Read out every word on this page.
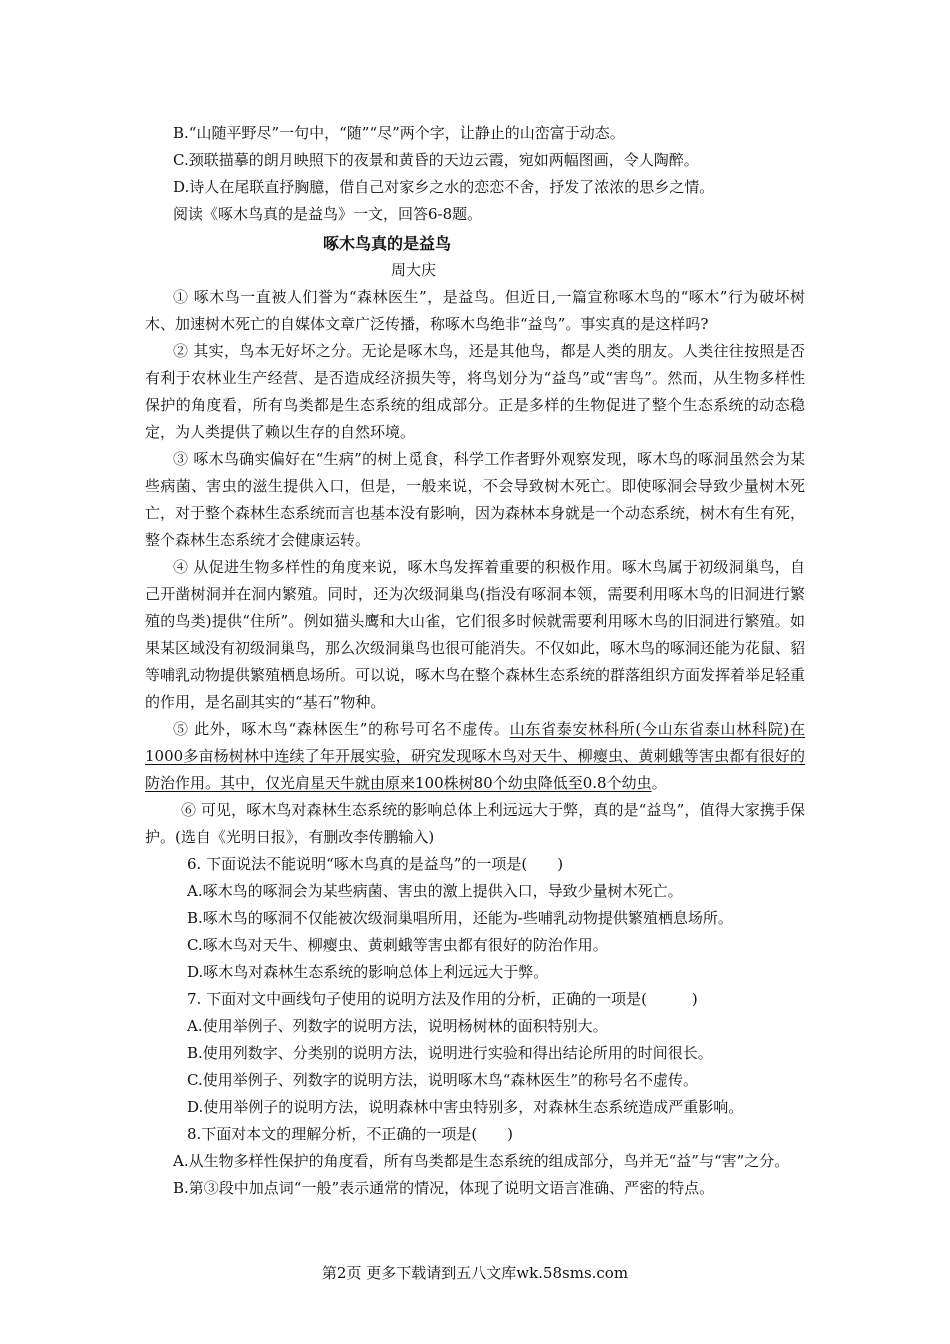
B.“山随平野尽”一句中，“随”“尽”两个字，让静止的山峦富于动态。
C.颈联描摹的朗月映照下的夜景和黄昏的天边云霞，宛如两幅图画，令人陶醉。
D.诗人在尾联直抒胸臆，借自己对家乡之水的恋恋不舍，抒发了浓浓的思乡之情。
阅读《啄木鸟真的是益鸟》一文，回答6-8题。
啄木鸟真的是益鸟
周大庆

① 啄木鸟一直被人们誉为“森林医生”，是益鸟。但近日,一篇宣称啄木鸟的“啄木”行为破坏树木、加速树木死亡的自媒体文章广泛传播，称啄木鸟绝非“益鸟”。事实真的是这样吗?

② 其实，鸟本无好坏之分。无论是啄木鸟，还是其他鸟，都是人类的朋友。人类往往按照是否有利于农林业生产经营、是否造成经济损失等，将鸟划分为“益鸟”或“害鸟”。然而，从生物多样性保护的角度看，所有鸟类都是生态系统的组成部分。正是多样的生物促进了整个生态系统的动态稳定，为人类提供了赖以生存的自然环境。

③ 啄木鸟确实偏好在“生病”的树上觅食，科学工作者野外观察发现，啄木鸟的啄洞虽然会为某些病菌、害虫的滋生提供入口，但是，一般来说，不会导致树木死亡。即使啄洞会导致少量树木死亡，对于整个森林生态系统而言也基本没有影响，因为森林本身就是一个动态系统，树木有生有死，整个森林生态系统才会健康运转。

④ 从促进生物多样性的角度来说，啄木鸟发挥着重要的积极作用。啄木鸟属于初级洞巢鸟，自己开凿树洞并在洞内繁殖。同时，还为次级洞巢鸟(指没有啄洞本领，需要利用啄木鸟的旧洞进行繁殖的鸟类)提供“住所”。例如猫头鹰和大山雀，它们很多时候就需要利用啄木鸟的旧洞进行繁殖。如果某区域没有初级洞巢鸟，那么次级洞巢鸟也很可能消失。不仅如此，啄木鸟的啄洞还能为花鼠、貂等哺乳动物提供繁殖栖息场所。可以说，啄木鸟在整个森林生态系统的群落组织方面发挥着举足轻重的作用，是名副其实的“基石”物种。

⑤ 此外，啄木鸟“森林医生”的称号可名不虚传。山东省泰安林科所(今山东省泰山林科院)在1000多亩杨树林中连续了年开展实验，研究发现啄木鸟对天牛、柳瘿虫、黄刺蛾等害虫都有很好的防治作用。其中，仅光肩星天牛就由原来100株树80个幼虫降低至0.8个幼虫。

⑥ 可见，啄木鸟对森林生态系统的影响总体上利远远大于弊，真的是“益鸟”，值得大家携手保护。(选自《光明日报》，有删改李传鹏输入)

6. 下面说法不能说明“啄木鸟真的是益鸟”的一项是(　　)
A.啄木鸟的啄洞会为某些病菌、害虫的激上提供入口，导致少量树木死亡。
B.啄木鸟的啄洞不仅能被次级洞巢唱所用，还能为-些哺乳动物提供繁殖栖息场所。
C.啄木鸟对天牛、柳瘿虫、黄刺蛾等害虫都有很好的防治作用。
D.啄木鸟对森林生态系统的影响总体上利远远大于弊。
7. 下面对文中画线句子使用的说明方法及作用的分析，正确的一项是(　　　)
A.使用举例子、列数字的说明方法，说明杨树林的面积特别大。
B.使用列数字、分类别的说明方法，说明进行实验和得出结论所用的时间很长。
C.使用举例子、列数字的说明方法，说明啄木鸟“森林医生”的称号名不虚传。
D.使用举例子的说明方法，说明森林中害虫特别多，对森林生态系统造成严重影响。
8.下面对本文的理解分析，不正确的一项是(　　)

A.从生物多样性保护的角度看，所有鸟类都是生态系统的组成部分，鸟并无“益”与“害”之分。

B.第③段中加点词“一般”表示通常的情况，体现了说明文语言准确、严密的特点。
第2页 更多下载请到五八文库wk.58sms.com
